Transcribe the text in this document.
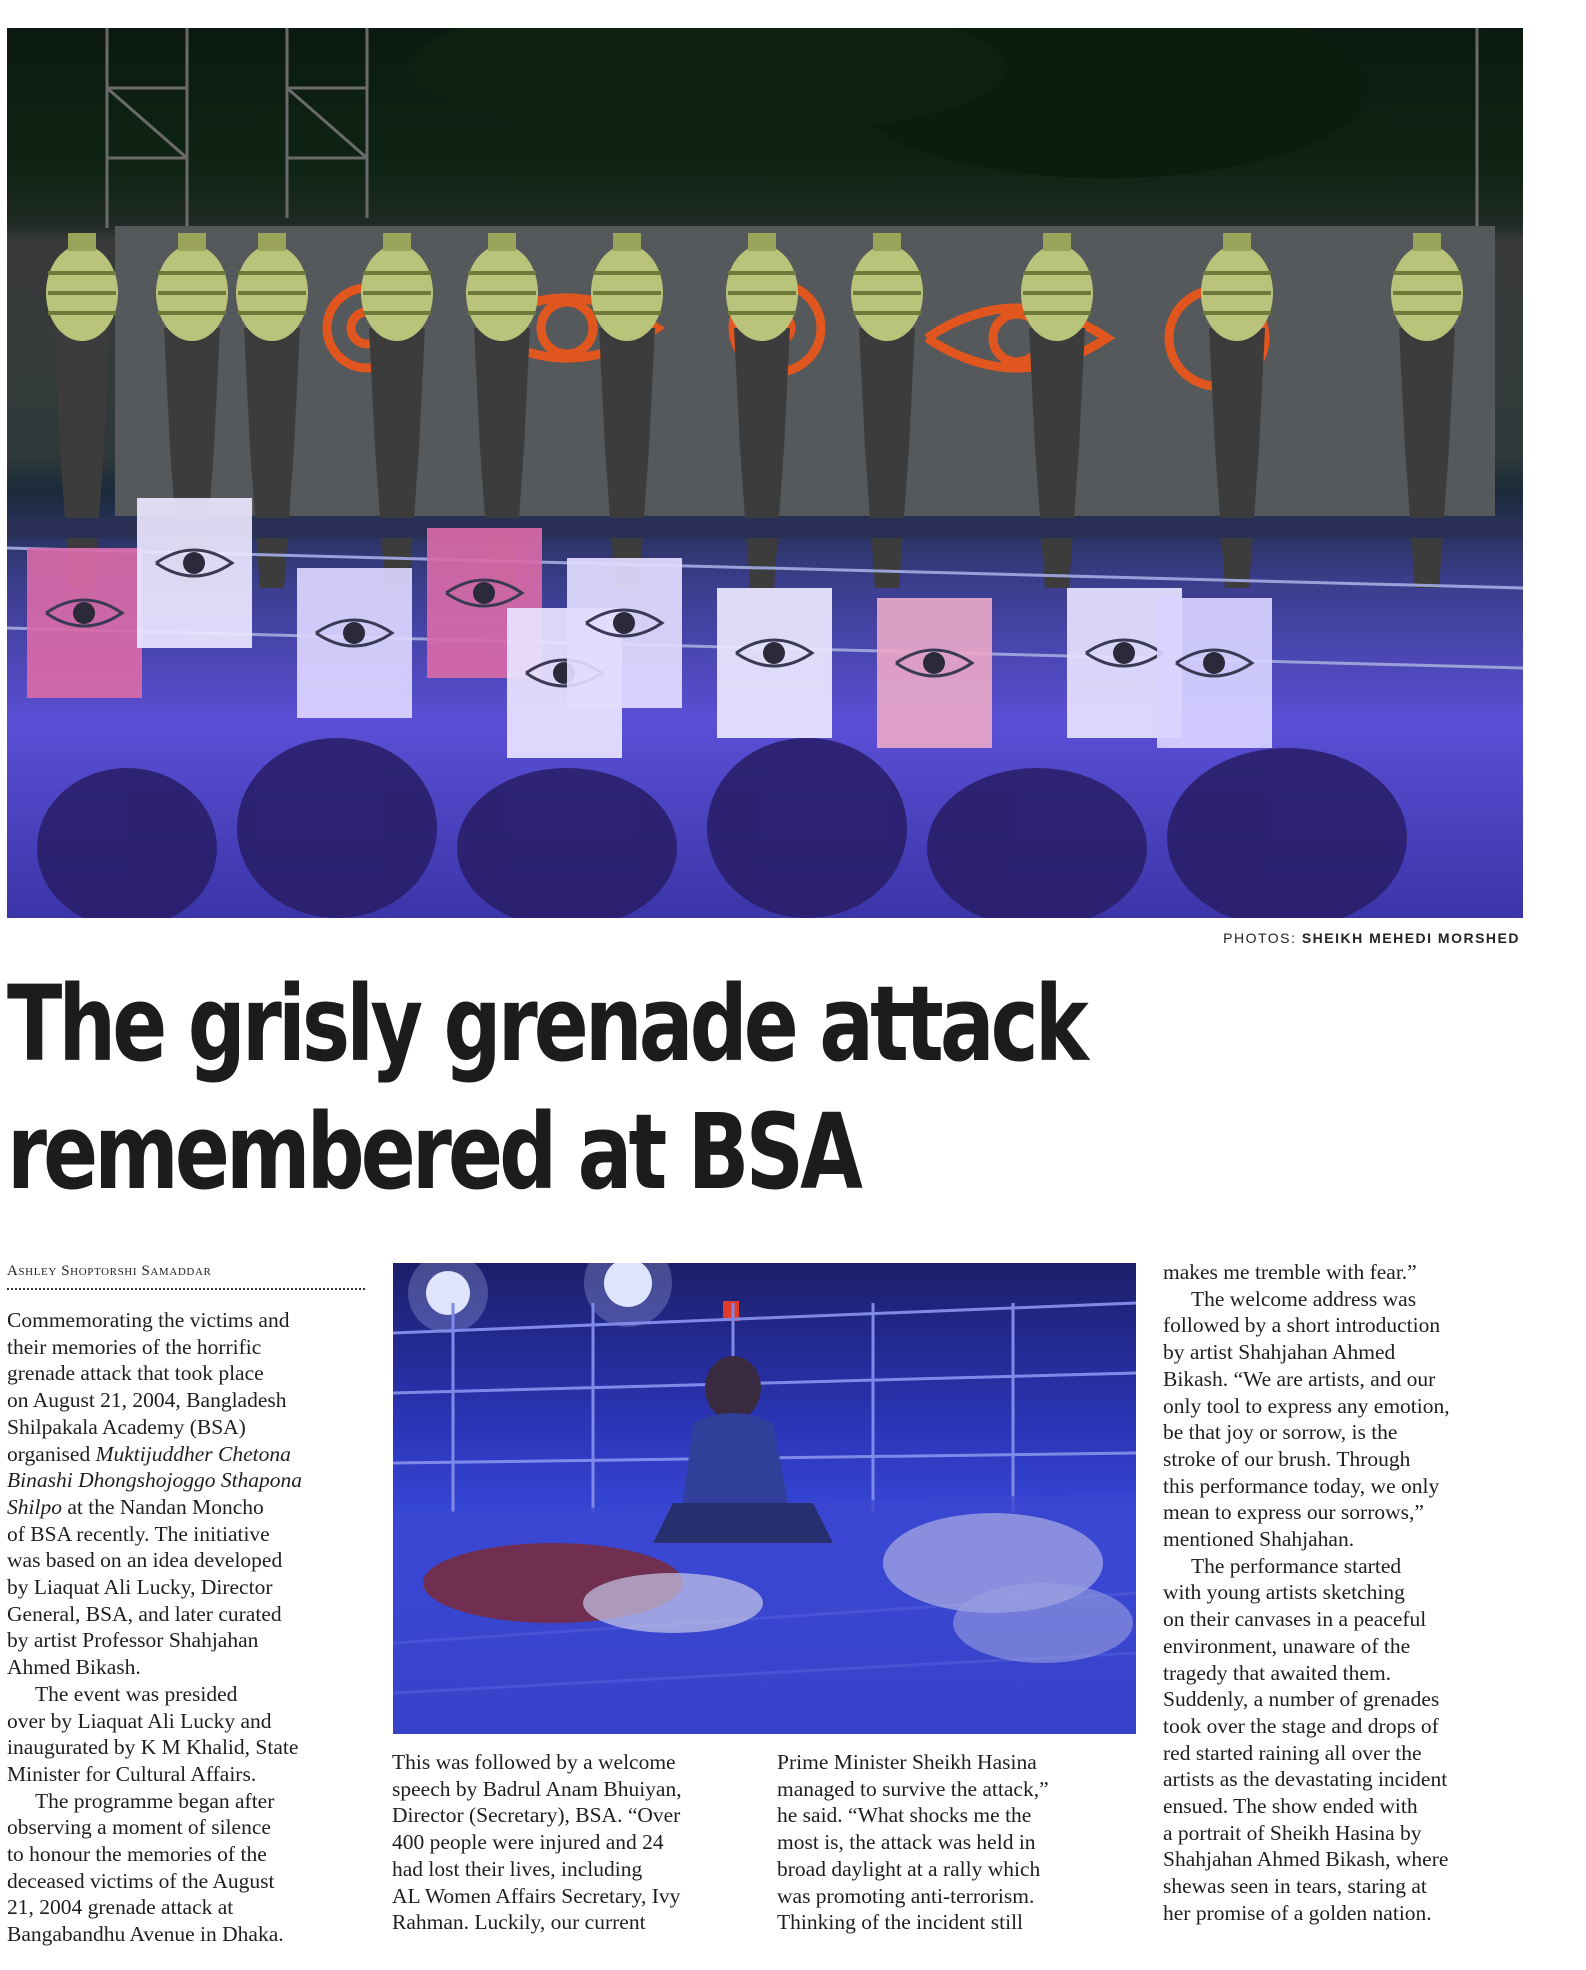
PHOTOS: SHEIKH MEHEDI MORSHED
The grisly grenade attack
remembered at BSA
Ashley Shoptorshi Samaddar

Commemorating the victims and
their memories of the horrific
grenade attack that took place
on August 21, 2004, Bangladesh
Shilpakala Academy (BSA)
organised Muktijuddher Chetona
Binashi Dhongshojoggo Sthapona
Shilpo at the Nandan Moncho
of BSA recently. The initiative
was based on an idea developed
by Liaquat Ali Lucky, Director
General, BSA, and later curated
by artist Professor Shahjahan
Ahmed Bikash.

The event was presided
over by Liaquat Ali Lucky and
inaugurated by K M Khalid, State
Minister for Cultural Affairs.

The programme began after
observing a moment of silence
to honour the memories of the
deceased victims of the August
21, 2004 grenade attack at
Bangabandhu Avenue in Dhaka.

This was followed by a welcome
speech by Badrul Anam Bhuiyan,
Director (Secretary), BSA. “Over
400 people were injured and 24
had lost their lives, including
AL Women Affairs Secretary, Ivy
Rahman. Luckily, our current

Prime Minister Sheikh Hasina
managed to survive the attack,”
he said. “What shocks me the
most is, the attack was held in
broad daylight at a rally which
was promoting anti-terrorism.
Thinking of the incident still

makes me tremble with fear.”

The welcome address was
followed by a short introduction
by artist Shahjahan Ahmed
Bikash. “We are artists, and our
only tool to express any emotion,
be that joy or sorrow, is the
stroke of our brush. Through
this performance today, we only
mean to express our sorrows,”
mentioned Shahjahan.

The performance started
with young artists sketching
on their canvases in a peaceful
environment, unaware of the
tragedy that awaited them.
Suddenly, a number of grenades
took over the stage and drops of
red started raining all over the
artists as the devastating incident
ensued. The show ended with
a portrait of Sheikh Hasina by
Shahjahan Ahmed Bikash, where
shewas seen in tears, staring at
her promise of a golden nation.
